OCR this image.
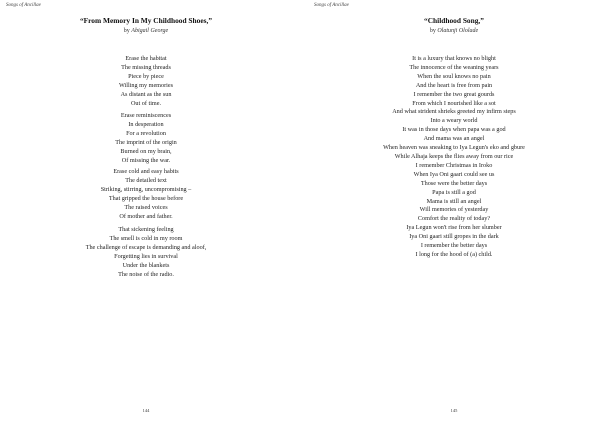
Songs of Ancillae
“From Memory In My Childhood Shoes,”
by Abigail George
Erase the habitat
The missing threads
Piece by piece
Willing my memories
As distant as the sun
Out of time.
Erase reminiscences
In desperation
For a revolution
The imprint of the origin
Burned on my brain,
Of missing the war.
Erase cold and easy habits
The detailed text
Striking, stirring, uncompromising –
That gripped the house before
The raised voices
Of mother and father.
That sickening feeling
The smell is cold in my room
The challenge of escape is demanding and aloof,
Forgetting lies in survival
Under the blankets
The noise of the radio.
144
Songs of Ancillae
“Childhood Song,”
by Olatunji Ololade
It is a luxury that knows no blight
The innocence of the weaning years
When the soul knows no pain
And the heart is free from pain
I remember the two great gourds
From which I nourished like a sot
And what strident shrieks greeted my infirm steps
Into a weary world
It was in those days when papa was a god
And mama was an angel
When heaven was sneaking to Iya Legun's eko and gbure
While Alhaja keeps the flies away from our rice
I remember Christmas in Iroko
When Iya Oni gaari could see us
Those were the better days
Papa is still a god
Mama is still an angel
Will memories of yesterday
Comfort the reality of today?
Iya Legun won't rise from her slumber
Iya Oni gaari still gropes in the dark
I remember the better days
I long for the hood of (a) child.
145
